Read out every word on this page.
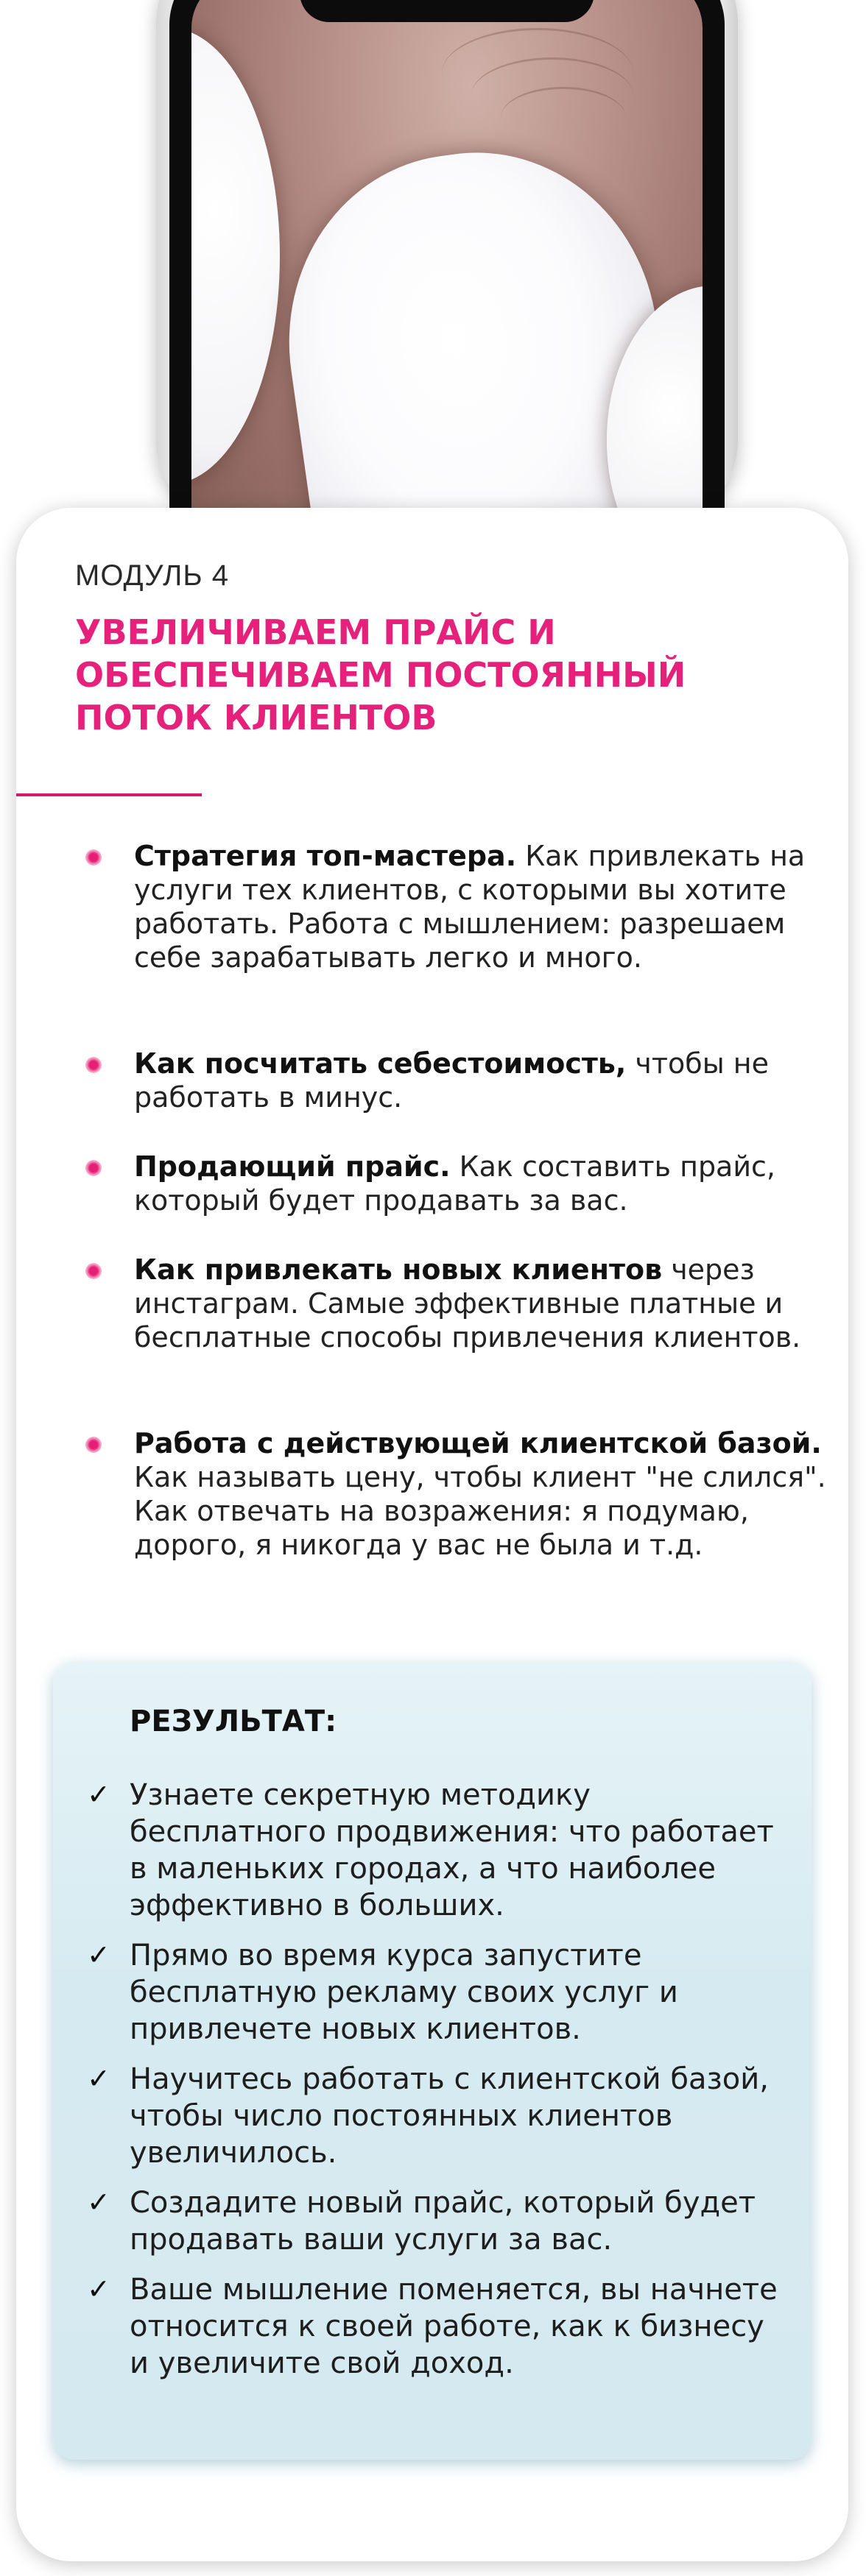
МОДУЛЬ 4
УВЕЛИЧИВАЕМ ПРАЙС И ОБЕСПЕЧИВАЕМ ПОСТОЯННЫЙ ПОТОК КЛИЕНТОВ
Стратегия топ-мастера. Как привлекать на услуги тех клиентов, с которыми вы хотите работать. Работа с мышлением: разрешаем себе зарабатывать легко и много.
Как посчитать себестоимость, чтобы не работать в минус.
Продающий прайс. Как составить прайс, который будет продавать за вас.
Как привлекать новых клиентов через инстаграм. Самые эффективные платные и бесплатные способы привлечения клиентов.
Работа с действующей клиентской базой. Как называть цену, чтобы клиент "не слился". Как отвечать на возражения: я подумаю, дорого, я никогда у вас не была и т.д.
РЕЗУЛЬТАТ:
✓ Узнаете секретную методику бесплатного продвижения: что работает в маленьких городах, а что наиболее эффективно в больших.
✓ Прямо во время курса запустите бесплатную рекламу своих услуг и привлечете новых клиентов.
✓ Научитесь работать с клиентской базой, чтобы число постоянных клиентов увеличилось.
✓ Создадите новый прайс, который будет продавать ваши услуги за вас.
✓ Ваше мышление поменяется, вы начнете относится к своей работе, как к бизнесу и увеличите свой доход.
